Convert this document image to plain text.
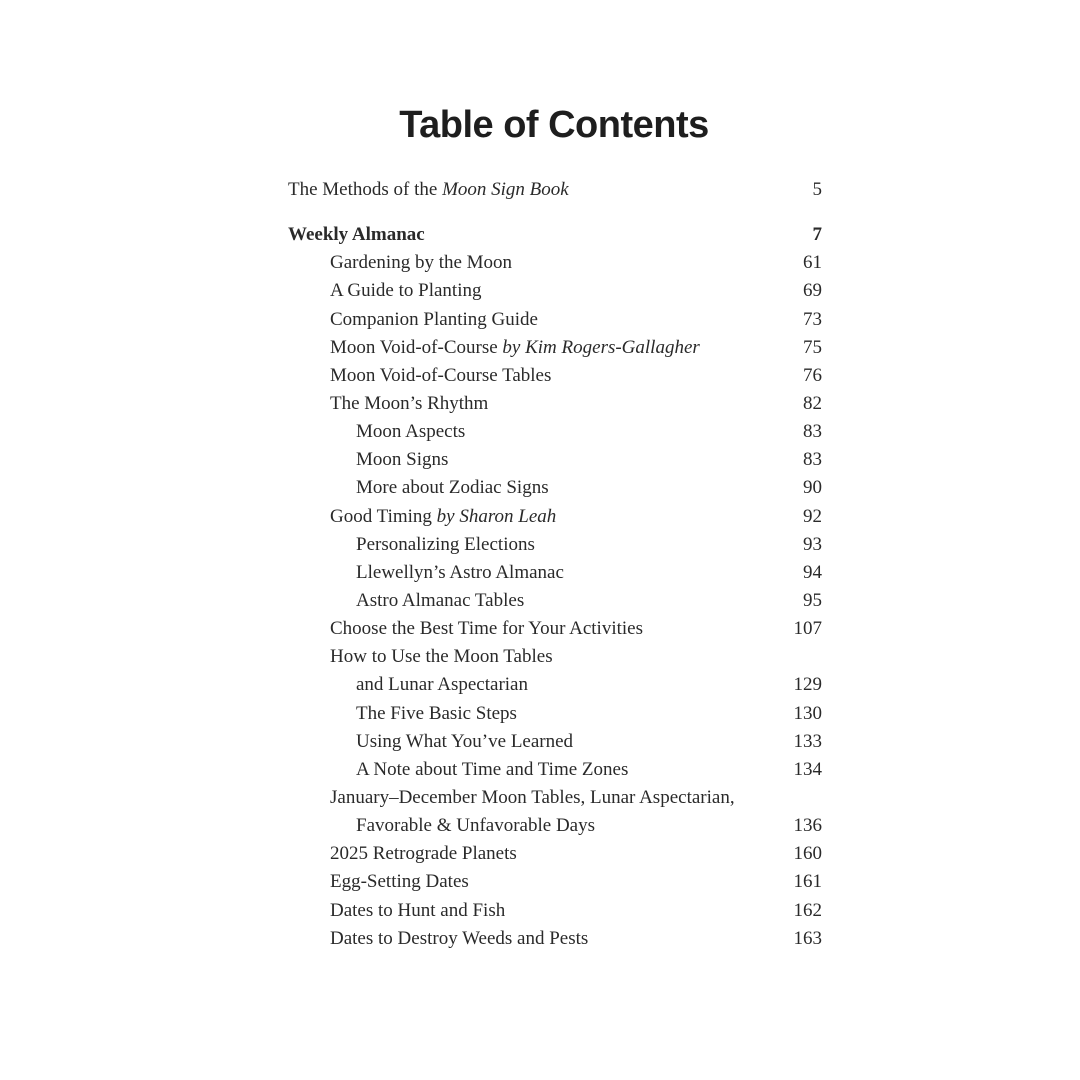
Table of Contents
The Methods of the Moon Sign Book	5
Weekly Almanac	7
Gardening by the Moon	61
A Guide to Planting	69
Companion Planting Guide	73
Moon Void-of-Course by Kim Rogers-Gallagher	75
Moon Void-of-Course Tables	76
The Moon’s Rhythm	82
Moon Aspects	83
Moon Signs	83
More about Zodiac Signs	90
Good Timing by Sharon Leah	92
Personalizing Elections	93
Llewellyn’s Astro Almanac	94
Astro Almanac Tables	95
Choose the Best Time for Your Activities	107
How to Use the Moon Tables
and Lunar Aspectarian	129
The Five Basic Steps	130
Using What You’ve Learned	133
A Note about Time and Time Zones	134
January–December Moon Tables, Lunar Aspectarian,
Favorable & Unfavorable Days	136
2025 Retrograde Planets	160
Egg-Setting Dates	161
Dates to Hunt and Fish	162
Dates to Destroy Weeds and Pests	163
